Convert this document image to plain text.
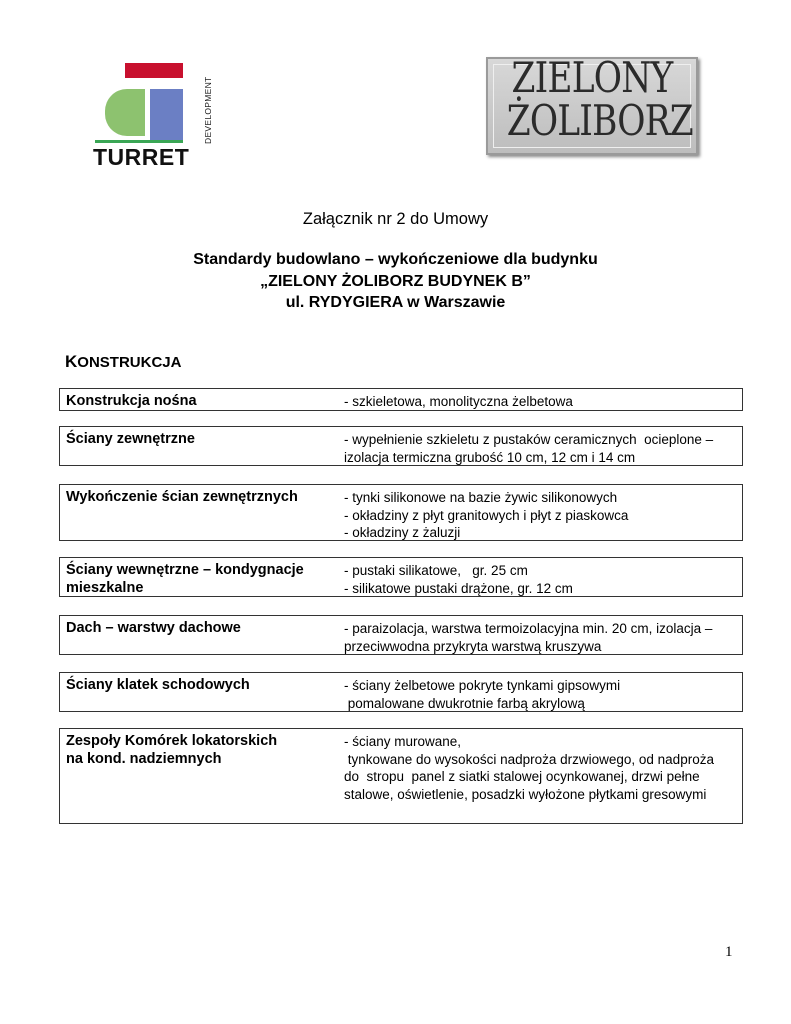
TURRET
DEVELOPMENT	ZIELONY
ŻOLIBORZ
Załącznik nr 2 do Umowy
Standardy budowlano – wykończeniowe dla budynku
„ZIELONY ŻOLIBORZ BUDYNEK B”
ul. RYDYGIERA w Warszawie
KONSTRUKCJA
Konstrukcja nośna	- szkieletowa, monolityczna żelbetowa
Ściany zewnętrzne	- wypełnienie szkieletu z pustaków ceramicznych  ocieplone –
izolacja termiczna grubość 10 cm, 12 cm i 14 cm
Wykończenie ścian zewnętrznych	- tynki silikonowe na bazie żywic silikonowych
- okładziny z płyt granitowych i płyt z piaskowca
- okładziny z żaluzji
Ściany wewnętrzne – kondygnacje
mieszkalne
- pustaki silikatowe,   gr. 25 cm
- silikatowe pustaki drążone, gr. 12 cm
Dach – warstwy dachowe	- paraizolacja, warstwa termoizolacyjna min. 20 cm, izolacja –
przeciwwodna przykryta warstwą kruszywa
Ściany klatek schodowych	- ściany żelbetowe pokryte tynkami gipsowymi
pomalowane dwukrotnie farbą akrylową
Zespoły Komórek lokatorskich
na kond. nadziemnych
- ściany murowane,
tynkowane do wysokości nadproża drzwiowego, od nadproża
do  stropu  panel z siatki stalowej ocynkowanej, drzwi pełne
stalowe, oświetlenie, posadzki wyłożone płytkami gresowymi
1
